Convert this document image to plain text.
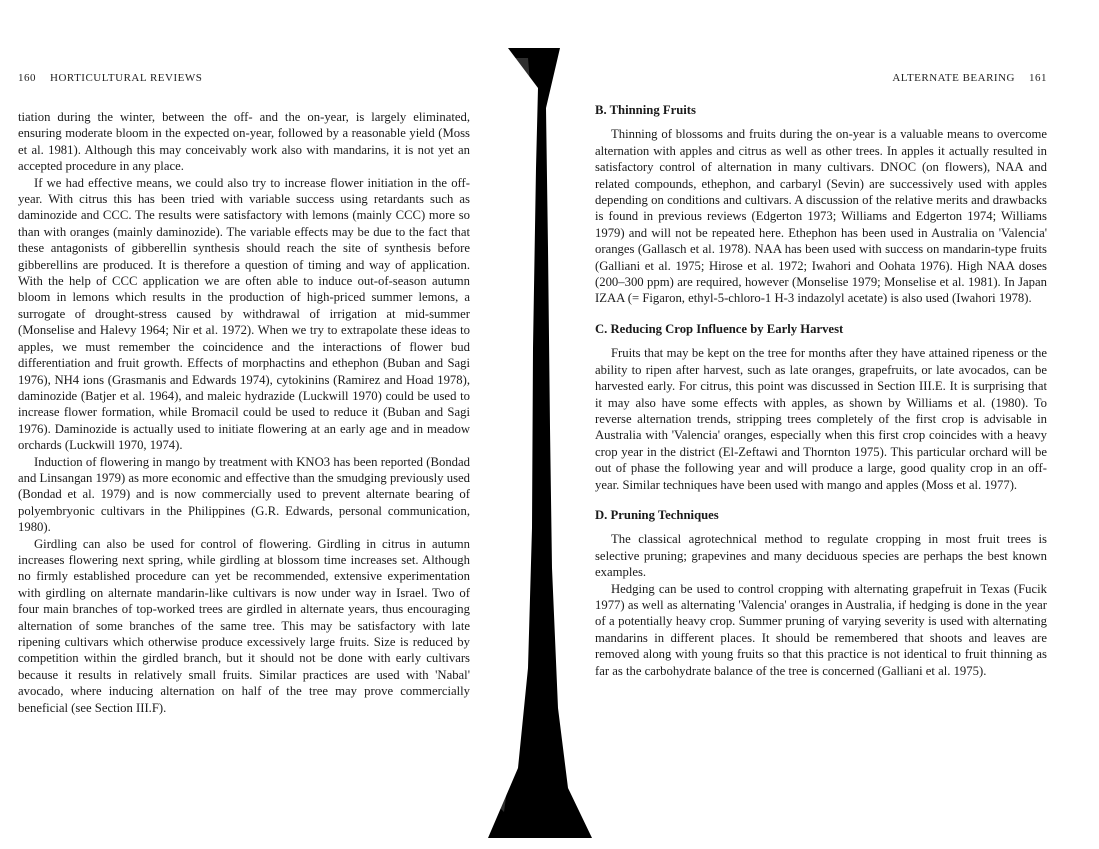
160 HORTICULTURAL REVIEWS

tiation during the winter, between the off- and the on-year, is largely eliminated, ensuring moderate bloom in the expected on-year, followed by a reasonable yield (Moss et al. 1981). Although this may conceivably work also with mandarins, it is not yet an accepted procedure in any place.

If we had effective means, we could also try to increase flower initiation in the off-year. With citrus this has been tried with variable success using retardants such as daminozide and CCC. The results were satisfactory with lemons (mainly CCC) more so than with oranges (mainly daminozide). The variable effects may be due to the fact that these antagonists of gibberellin synthesis should reach the site of synthesis before gibberellins are produced. It is therefore a question of timing and way of application. With the help of CCC application we are often able to induce out-of-season autumn bloom in lemons which results in the production of high-priced summer lemons, a surrogate of drought-stress caused by withdrawal of irrigation at mid-summer (Monselise and Halevy 1964; Nir et al. 1972). When we try to extrapolate these ideas to apples, we must remember the coincidence and the interactions of flower bud differentiation and fruit growth. Effects of morphactins and ethephon (Buban and Sagi 1976), NH4 ions (Grasmanis and Edwards 1974), cytokinins (Ramirez and Hoad 1978), daminozide (Batjer et al. 1964), and maleic hydrazide (Luckwill 1970) could be used to increase flower formation, while Bromacil could be used to reduce it (Buban and Sagi 1976). Daminozide is actually used to initiate flowering at an early age and in meadow orchards (Luckwill 1970, 1974).

Induction of flowering in mango by treatment with KNO3 has been reported (Bondad and Linsangan 1979) as more economic and effective than the smudging previously used (Bondad et al. 1979) and is now commercially used to prevent alternate bearing of polyembryonic cultivars in the Philippines (G.R. Edwards, personal communication, 1980).

Girdling can also be used for control of flowering. Girdling in citrus in autumn increases flowering next spring, while girdling at blossom time increases set. Although no firmly established procedure can yet be recommended, extensive experimentation with girdling on alternate mandarin-like cultivars is now under way in Israel. Two of four main branches of top-worked trees are girdled in alternate years, thus encouraging alternation of some branches of the same tree. This may be satisfactory with late ripening cultivars which otherwise produce excessively large fruits. Size is reduced by competition within the girdled branch, but it should not be done with early cultivars because it results in relatively small fruits. Similar practices are used with 'Nabal' avocado, where inducing alternation on half of the tree may prove commercially beneficial (see Section III.F).

ALTERNATE BEARING 161
B. Thinning Fruits

Thinning of blossoms and fruits during the on-year is a valuable means to overcome alternation with apples and citrus as well as other trees. In apples it actually resulted in satisfactory control of alternation in many cultivars. DNOC (on flowers), NAA and related compounds, ethephon, and carbaryl (Sevin) are successively used with apples depending on conditions and cultivars. A discussion of the relative merits and drawbacks is found in previous reviews (Edgerton 1973; Williams and Edgerton 1974; Williams 1979) and will not be repeated here. Ethephon has been used in Australia on 'Valencia' oranges (Gallasch et al. 1978). NAA has been used with success on mandarin-type fruits (Galliani et al. 1975; Hirose et al. 1972; Iwahori and Oohata 1976). High NAA doses (200–300 ppm) are required, however (Monselise 1979; Monselise et al. 1981). In Japan IZAA (= Figaron, ethyl-5-chloro-1 H-3 indazolyl acetate) is also used (Iwahori 1978).

C. Reducing Crop Influence by Early Harvest

Fruits that may be kept on the tree for months after they have attained ripeness or the ability to ripen after harvest, such as late oranges, grapefruits, or late avocados, can be harvested early. For citrus, this point was discussed in Section III.E. It is surprising that it may also have some effects with apples, as shown by Williams et al. (1980). To reverse alternation trends, stripping trees completely of the first crop is advisable in Australia with 'Valencia' oranges, especially when this first crop coincides with a heavy crop year in the district (El-Zeftawi and Thornton 1975). This particular orchard will be out of phase the following year and will produce a large, good quality crop in an off-year. Similar techniques have been used with mango and apples (Moss et al. 1977).

D. Pruning Techniques

The classical agrotechnical method to regulate cropping in most fruit trees is selective pruning; grapevines and many deciduous species are perhaps the best known examples.

Hedging can be used to control cropping with alternating grapefruit in Texas (Fucik 1977) as well as alternating 'Valencia' oranges in Australia, if hedging is done in the year of a potentially heavy crop. Summer pruning of varying severity is used with alternating mandarins in different places. It should be remembered that shoots and leaves are removed along with young fruits so that this practice is not identical to fruit thinning as far as the carbohydrate balance of the tree is concerned (Galliani et al. 1975).
